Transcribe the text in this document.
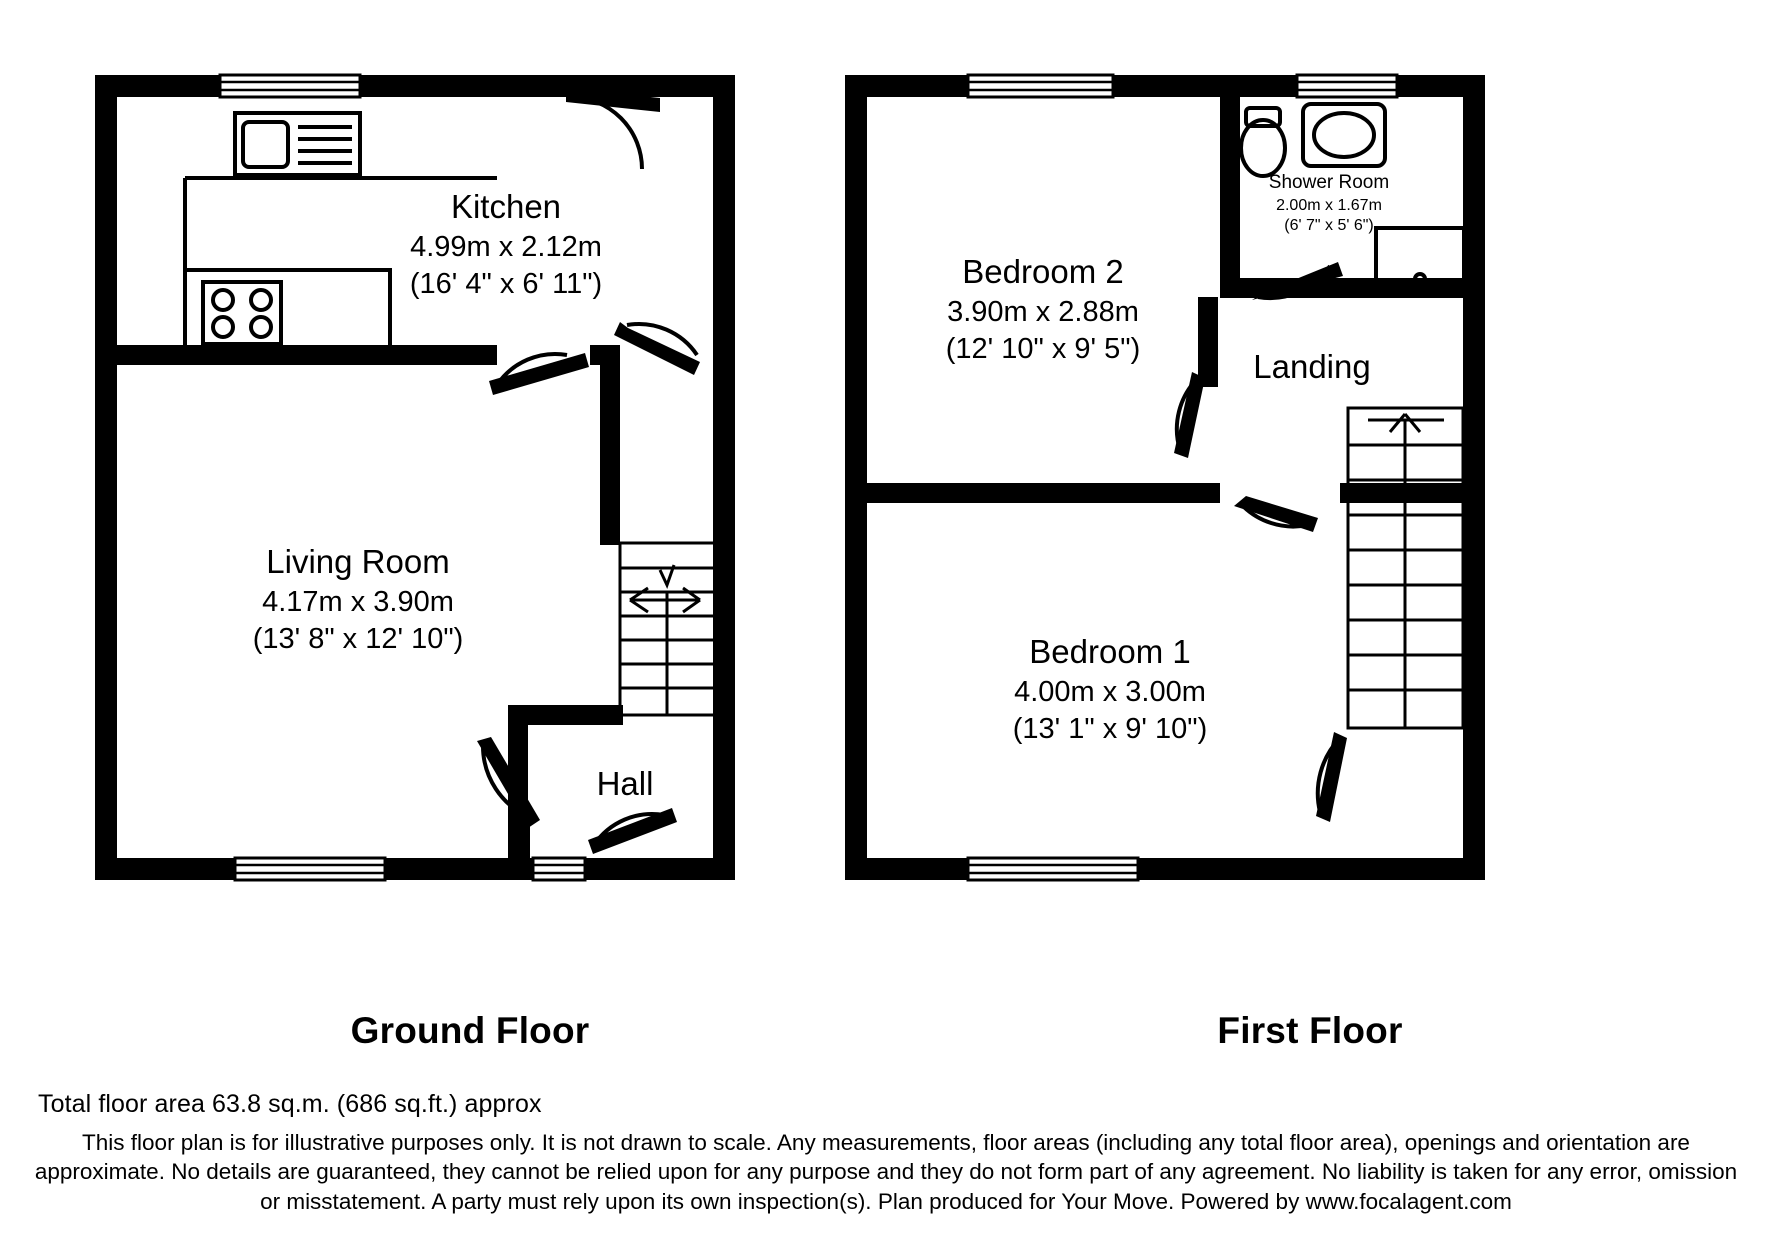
Kitchen
4.99m x 2.12m
(16' 4" x 6' 11")
Living Room
4.17m x 3.90m
(13' 8" x 12' 10")
Hall
Bedroom 2
3.90m x 2.88m
(12' 10" x 9' 5")
Shower Room
2.00m x 1.67m
(6' 7" x 5' 6")
Landing
Bedroom 1
4.00m x 3.00m
(13' 1" x 9' 10")
Ground Floor	First Floor
Total floor area 63.8 sq.m. (686 sq.ft.) approx
This floor plan is for illustrative purposes only. It is not drawn to scale. Any measurements, floor areas (including any total floor area), openings and orientation are approximate. No details are guaranteed, they cannot be relied upon for any purpose and they do not form part of any agreement. No liability is taken for any error, omission or misstatement. A party must rely upon its own inspection(s). Plan produced for Your Move. Powered by www.focalagent.com
